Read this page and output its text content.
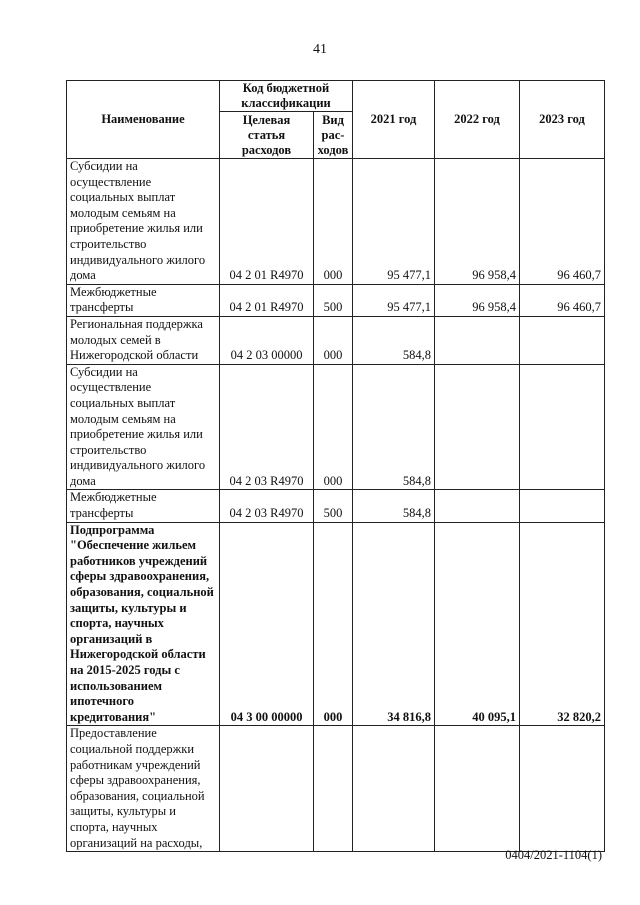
41
Наименование	Код бюджетной классификации		2021 год	2022 год	2023 год
	Целевая статья расходов	Вид рас-ходов			
Субсидии на осуществление социальных выплат молодым семьям на приобретение жилья или строительство индивидуального жилого дома	04 2 01 R4970	000	95 477,1	96 958,4	96 460,7
Межбюджетные трансферты	04 2 01 R4970	500	95 477,1	96 958,4	96 460,7
Региональная поддержка молодых семей в Нижегородской области	04 2 03 00000	000	584,8		
Субсидии на осуществление социальных выплат молодым семьям на приобретение жилья или строительство индивидуального жилого дома	04 2 03 R4970	000	584,8		
Межбюджетные трансферты	04 2 03 R4970	500	584,8		
Подпрограмма "Обеспечение жильем работников учреждений сферы здравоохранения, образования, социальной защиты, культуры и спорта, научных организаций в Нижегородской области на 2015-2025 годы с использованием ипотечного кредитования"	04 3 00 00000	000	34 816,8	40 095,1	32 820,2
Предоставление социальной поддержки работникам учреждений сферы здравоохранения, образования, социальной защиты, культуры и спорта, научных организаций на расходы,					
0404/2021-1104(1)
